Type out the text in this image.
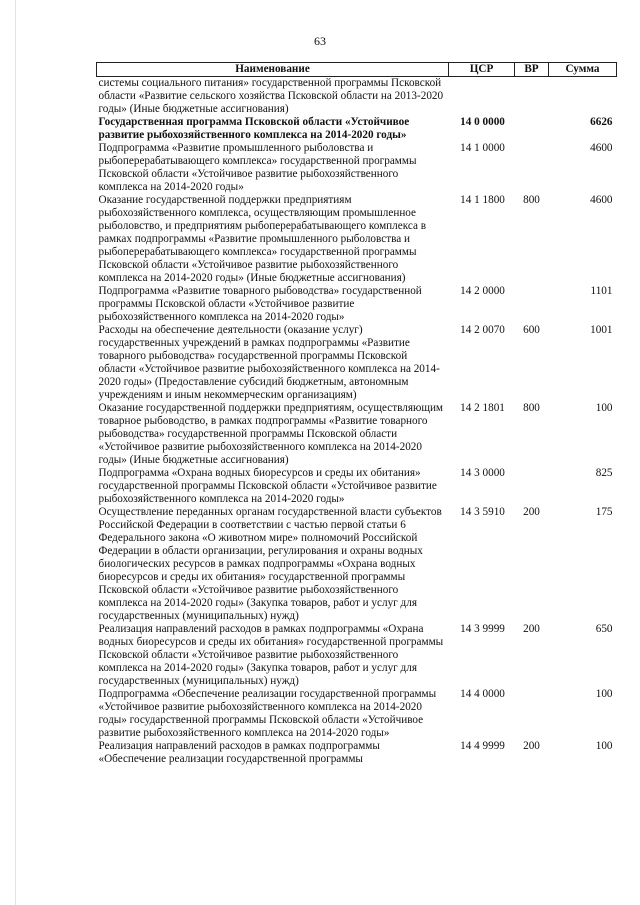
63
Наименование	ЦСР	ВР	Сумма
системы социального питания» государственной программы Псковской области «Развитие сельского хозяйства Псковской области на 2013-2020 годы» (Иные бюджетные ассигнования)			
Государственная программа Псковской области «Устойчивое развитие рыбохозяйственного комплекса на 2014-2020 годы»	14 0 0000		6626
Подпрограмма «Развитие промышленного рыболовства и рыбоперерабатывающего комплекса» государственной программы Псковской области «Устойчивое развитие рыбохозяйственного комплекса на 2014-2020 годы»	14 1 0000		4600
Оказание государственной поддержки предприятиям рыбохозяйственного комплекса, осуществляющим промышленное рыболовство, и предприятиям рыбоперерабатывающего комплекса в рамках подпрограммы «Развитие промышленного рыболовства и рыбоперерабатывающего комплекса» государственной программы Псковской области «Устойчивое развитие рыбохозяйственного комплекса на 2014-2020 годы» (Иные бюджетные ассигнования)	14 1 1800	800	4600
Подпрограмма «Развитие товарного рыбоводства» государственной программы Псковской области «Устойчивое развитие рыбохозяйственного комплекса на 2014-2020 годы»	14 2 0000		1101
Расходы на обеспечение деятельности (оказание услуг) государственных учреждений в рамках подпрограммы «Развитие товарного рыбоводства» государственной программы Псковской области «Устойчивое развитие рыбохозяйственного комплекса на 2014-2020 годы» (Предоставление субсидий бюджетным, автономным учреждениям и иным некоммерческим организациям)	14 2 0070	600	1001
Оказание государственной поддержки предприятиям, осуществляющим товарное рыбоводство, в рамках подпрограммы «Развитие товарного рыбоводства» государственной программы Псковской области «Устойчивое развитие рыбохозяйственного комплекса на 2014-2020 годы» (Иные бюджетные ассигнования)	14 2 1801	800	100
Подпрограмма «Охрана водных биоресурсов и среды их обитания» государственной программы Псковской области «Устойчивое развитие рыбохозяйственного комплекса на 2014-2020 годы»	14 3 0000		825
Осуществление переданных органам государственной власти субъектов Российской Федерации в соответствии с частью первой статьи 6 Федерального закона «О животном мире» полномочий Российской Федерации в области организации, регулирования и охраны водных биологических ресурсов в рамках подпрограммы «Охрана водных биоресурсов и среды их обитания» государственной программы Псковской области «Устойчивое развитие рыбохозяйственного комплекса на 2014-2020 годы» (Закупка товаров, работ и услуг для государственных (муниципальных) нужд)	14 3 5910	200	175
Реализация направлений расходов в рамках подпрограммы «Охрана водных биоресурсов и среды их обитания» государственной программы Псковской области «Устойчивое развитие рыбохозяйственного комплекса на 2014-2020 годы» (Закупка товаров, работ и услуг для государственных (муниципальных) нужд)	14 3 9999	200	650
Подпрограмма «Обеспечение реализации государственной программы «Устойчивое развитие рыбохозяйственного комплекса на 2014-2020 годы» государственной программы Псковской области «Устойчивое развитие рыбохозяйственного комплекса на 2014-2020 годы»	14 4 0000		100
Реализация направлений расходов в рамках подпрограммы «Обеспечение реализации государственной программы	14 4 9999	200	100
